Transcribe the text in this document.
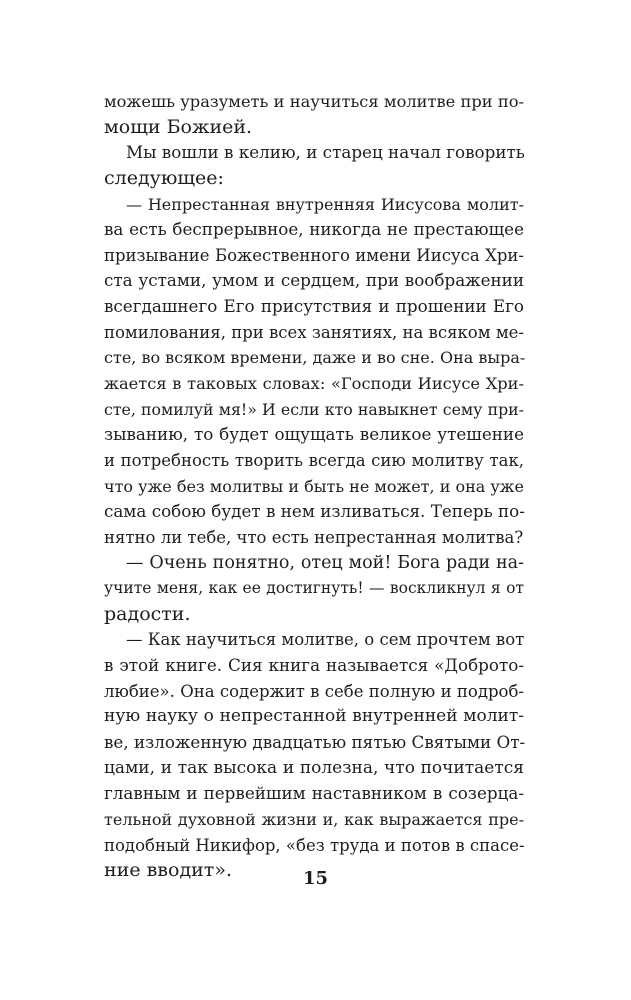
можешь уразуметь и научиться молитве при по-
мощи Божией.
Мы вошли в келию, и старец начал говорить
следующее:
— Непрестанная внутренняя Иисусова молит-
ва есть беспрерывное, никогда не престающее
призывание Божественного имени Иисуса Хри-
ста устами, умом и сердцем, при воображении
всегдашнего Его присутствия и прошении Его
помилования, при всех занятиях, на всяком ме-
сте, во всяком времени, даже и во сне. Она выра-
жается в таковых словах: «Господи Иисусе Хри-
сте, помилуй мя!» И если кто навыкнет сему при-
зыванию, то будет ощущать великое утешение
и потребность творить всегда сию молитву так,
что уже без молитвы и быть не может, и она уже
сама собою будет в нем изливаться. Теперь по-
нятно ли тебе, что есть непрестанная молитва?
— Очень понятно, отец мой! Бога ради на-
учите меня, как ее достигнуть! — воскликнул я от
радости.
— Как научиться молитве, о сем прочтем вот
в этой книге. Сия книга называется «Доброто-
любие». Она содержит в себе полную и подроб-
ную науку о непрестанной внутренней молит-
ве, изложенную двадцатью пятью Святыми От-
цами, и так высока и полезна, что почитается
главным и первейшим наставником в созерца-
тельной духовной жизни и, как выражается пре-
подобный Никифор, «без труда и потов в спасе-
ние вводит».	15
